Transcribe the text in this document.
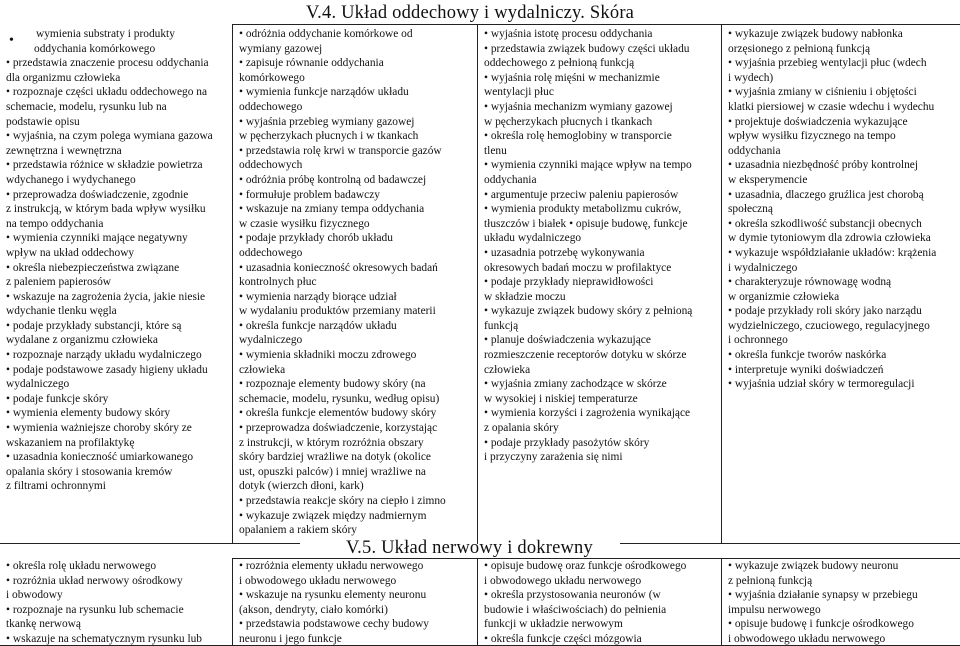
V.4. Układ oddechowy i wydalniczy. Skóra
V.5. Układ nerwowy i dokrewny
•	wymienia substraty i produkty
oddychania komórkowego
• przedstawia znaczenie procesu oddychania
dla organizmu człowieka
• rozpoznaje części układu oddechowego na
schemacie, modelu, rysunku lub na
podstawie opisu
• wyjaśnia, na czym polega wymiana gazowa
zewnętrzna i wewnętrzna
• przedstawia różnice w składzie powietrza
wdychanego i wydychanego
• przeprowadza doświadczenie, zgodnie
z instrukcją, w którym bada wpływ wysiłku
na tempo oddychania
• wymienia czynniki mające negatywny
wpływ na układ oddechowy
• określa niebezpieczeństwa związane
z paleniem papierosów
• wskazuje na zagrożenia życia, jakie niesie
wdychanie tlenku węgla
• podaje przykłady substancji, które są
wydalane z organizmu człowieka
• rozpoznaje narządy układu wydalniczego
• podaje podstawowe zasady higieny układu
wydalniczego
• podaje funkcje skóry
• wymienia elementy budowy skóry
• wymienia ważniejsze choroby skóry ze
wskazaniem na profilaktykę
• uzasadnia konieczność umiarkowanego
opalania skóry i stosowania kremów
z filtrami ochronnymi
• odróżnia oddychanie komórkowe od
wymiany gazowej
• zapisuje równanie oddychania
komórkowego
• wymienia funkcje narządów układu
oddechowego
• wyjaśnia przebieg wymiany gazowej
w pęcherzykach płucnych i w tkankach
• przedstawia rolę krwi w transporcie gazów
oddechowych
• odróżnia próbę kontrolną od badawczej
• formułuje problem badawczy
• wskazuje na zmiany tempa oddychania
w czasie wysiłku fizycznego
• podaje przykłady chorób układu
oddechowego
• uzasadnia konieczność okresowych badań
kontrolnych płuc
• wymienia narządy biorące udział
w wydalaniu produktów przemiany materii
• określa funkcje narządów układu
wydalniczego
• wymienia składniki moczu zdrowego
człowieka
• rozpoznaje elementy budowy skóry (na
schemacie, modelu, rysunku, według opisu)
• określa funkcje elementów budowy skóry
• przeprowadza doświadczenie, korzystając
z instrukcji, w którym rozróżnia obszary
skóry bardziej wrażliwe na dotyk (okolice
ust, opuszki palców) i mniej wrażliwe na
dotyk (wierzch dłoni, kark)
• przedstawia reakcje skóry na ciepło i zimno
• wykazuje związek między nadmiernym
opalaniem a rakiem skóry
• wyjaśnia istotę procesu oddychania
• przedstawia związek budowy części układu
oddechowego z pełnioną funkcją
• wyjaśnia rolę mięśni w mechanizmie
wentylacji płuc
• wyjaśnia mechanizm wymiany gazowej
w pęcherzykach płucnych i tkankach
• określa rolę hemoglobiny w transporcie
tlenu
• wymienia czynniki mające wpływ na tempo
oddychania
• argumentuje przeciw paleniu papierosów
• wymienia produkty metabolizmu cukrów,
tłuszczów i białek • opisuje budowę, funkcje
układu wydalniczego
• uzasadnia potrzebę wykonywania
okresowych badań moczu w profilaktyce
• podaje przykłady nieprawidłowości
w składzie moczu
• wykazuje związek budowy skóry z pełnioną
funkcją
• planuje doświadczenia wykazujące
rozmieszczenie receptorów dotyku w skórze
człowieka
• wyjaśnia zmiany zachodzące w skórze
w wysokiej i niskiej temperaturze
• wymienia korzyści i zagrożenia wynikające
z opalania skóry
• podaje przykłady pasożytów skóry
i przyczyny zarażenia się nimi
• wykazuje związek budowy nabłonka
orzęsionego z pełnioną funkcją
• wyjaśnia przebieg wentylacji płuc (wdech
i wydech)
• wyjaśnia zmiany w ciśnieniu i objętości
klatki piersiowej w czasie wdechu i wydechu
• projektuje doświadczenia wykazujące
wpływ wysiłku fizycznego na tempo
oddychania
• uzasadnia niezbędność próby kontrolnej
w eksperymencie
• uzasadnia, dlaczego gruźlica jest chorobą
społeczną
• określa szkodliwość substancji obecnych
w dymie tytoniowym dla zdrowia człowieka
• wykazuje współdziałanie układów: krążenia
i wydalniczego
• charakteryzuje równowagę wodną
w organizmie człowieka
• podaje przykłady roli skóry jako narządu
wydzielniczego, czuciowego, regulacyjnego
i ochronnego
• określa funkcje tworów naskórka
• interpretuje wyniki doświadczeń
• wyjaśnia udział skóry w termoregulacji
• określa rolę układu nerwowego
• rozróżnia układ nerwowy ośrodkowy
i obwodowy
• rozpoznaje na rysunku lub schemacie
tkankę nerwową
• wskazuje na schematycznym rysunku lub
• rozróżnia elementy układu nerwowego
i obwodowego układu nerwowego
• wskazuje na rysunku elementy neuronu
(akson, dendryty, ciało komórki)
• przedstawia podstawowe cechy budowy
neuronu i jego funkcje
• opisuje budowę oraz funkcje ośrodkowego
i obwodowego układu nerwowego
• określa przystosowania neuronów (w
budowie i właściwościach) do pełnienia
funkcji w układzie nerwowym
• określa funkcje części mózgowia
• wykazuje związek budowy neuronu
z pełnioną funkcją
• wyjaśnia działanie synapsy w przebiegu
impulsu nerwowego
• opisuje budowę i funkcje ośrodkowego
i obwodowego układu nerwowego
